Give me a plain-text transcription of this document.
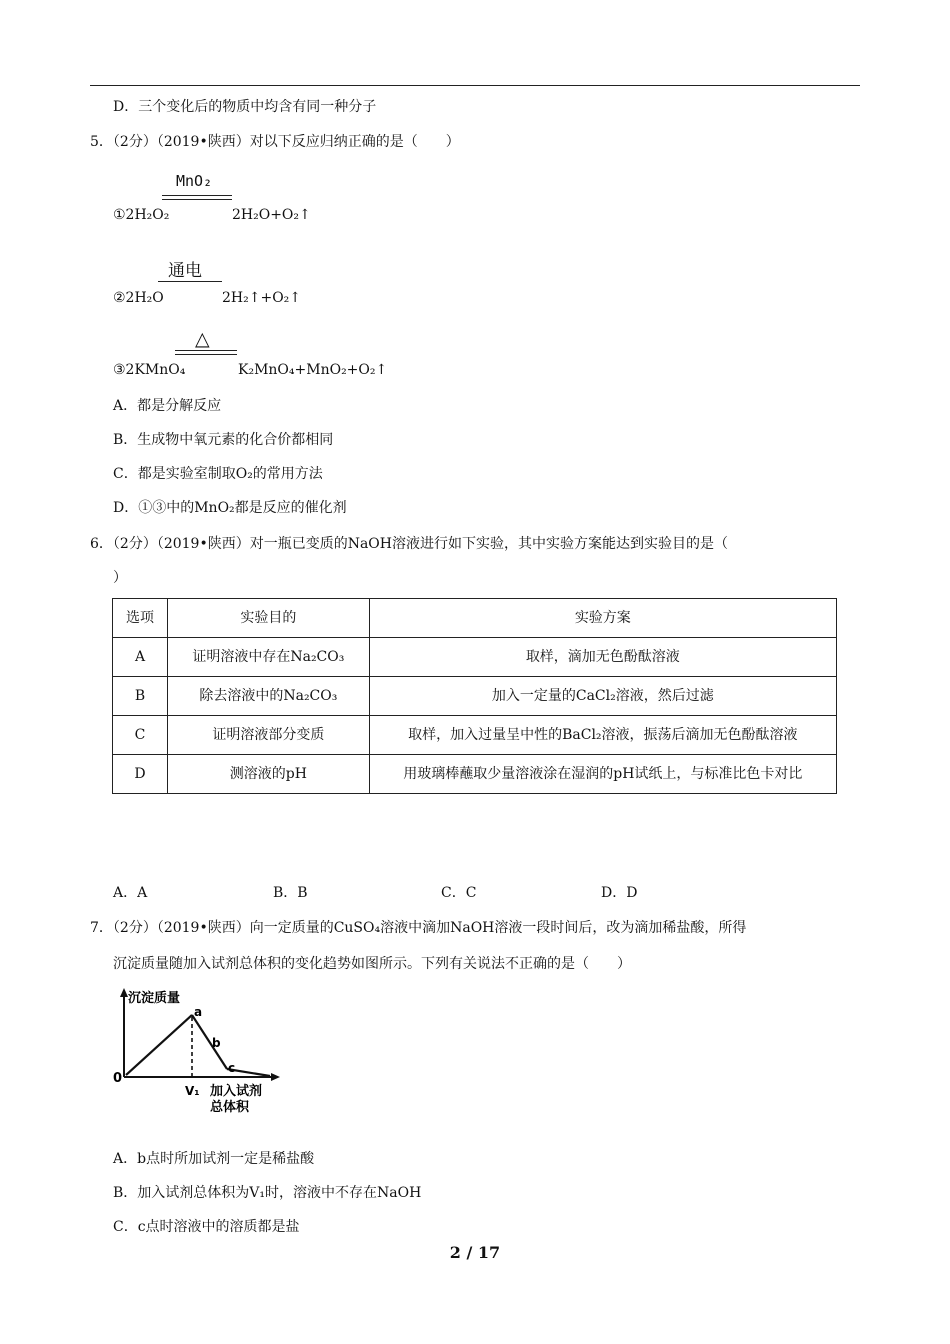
D．三个变化后的物质中均含有同一种分子
5．（2分）（2019•陕西）对以下反应归纳正确的是（　　）
MnO₂
①2H₂O₂	2H₂O+O₂↑
通电
②2H₂O	2H₂↑+O₂↑
△
③2KMnO₄	K₂MnO₄+MnO₂+O₂↑
A．都是分解反应
B．生成物中氧元素的化合价都相同
C．都是实验室制取O₂的常用方法
D．①③中的MnO₂都是反应的催化剂
6．（2分）（2019•陕西）对一瓶已变质的NaOH溶液进行如下实验，其中实验方案能达到实验目的是（
）
选项	实验目的	实验方案
A	证明溶液中存在Na₂CO₃	取样，滴加无色酚酞溶液
B	除去溶液中的Na₂CO₃	加入一定量的CaCl₂溶液，然后过滤
C	证明溶液部分变质	取样，加入过量呈中性的BaCl₂溶液，振荡后滴加无色酚酞溶液
D	测溶液的pH	用玻璃棒蘸取少量溶液涂在湿润的pH试纸上，与标准比色卡对比
A．A	B．B	C．C	D．D
7．（2分）（2019•陕西）向一定质量的CuSO₄溶液中滴加NaOH溶液一段时间后，改为滴加稀盐酸，所得
沉淀质量随加入试剂总体积的变化趋势如图所示。下列有关说法不正确的是（　　）
沉淀质量
a
b
c
0
V₁ 加入试剂
总体积
A．b点时所加试剂一定是稀盐酸
B．加入试剂总体积为V₁时，溶液中不存在NaOH
C．c点时溶液中的溶质都是盐
2 / 17
